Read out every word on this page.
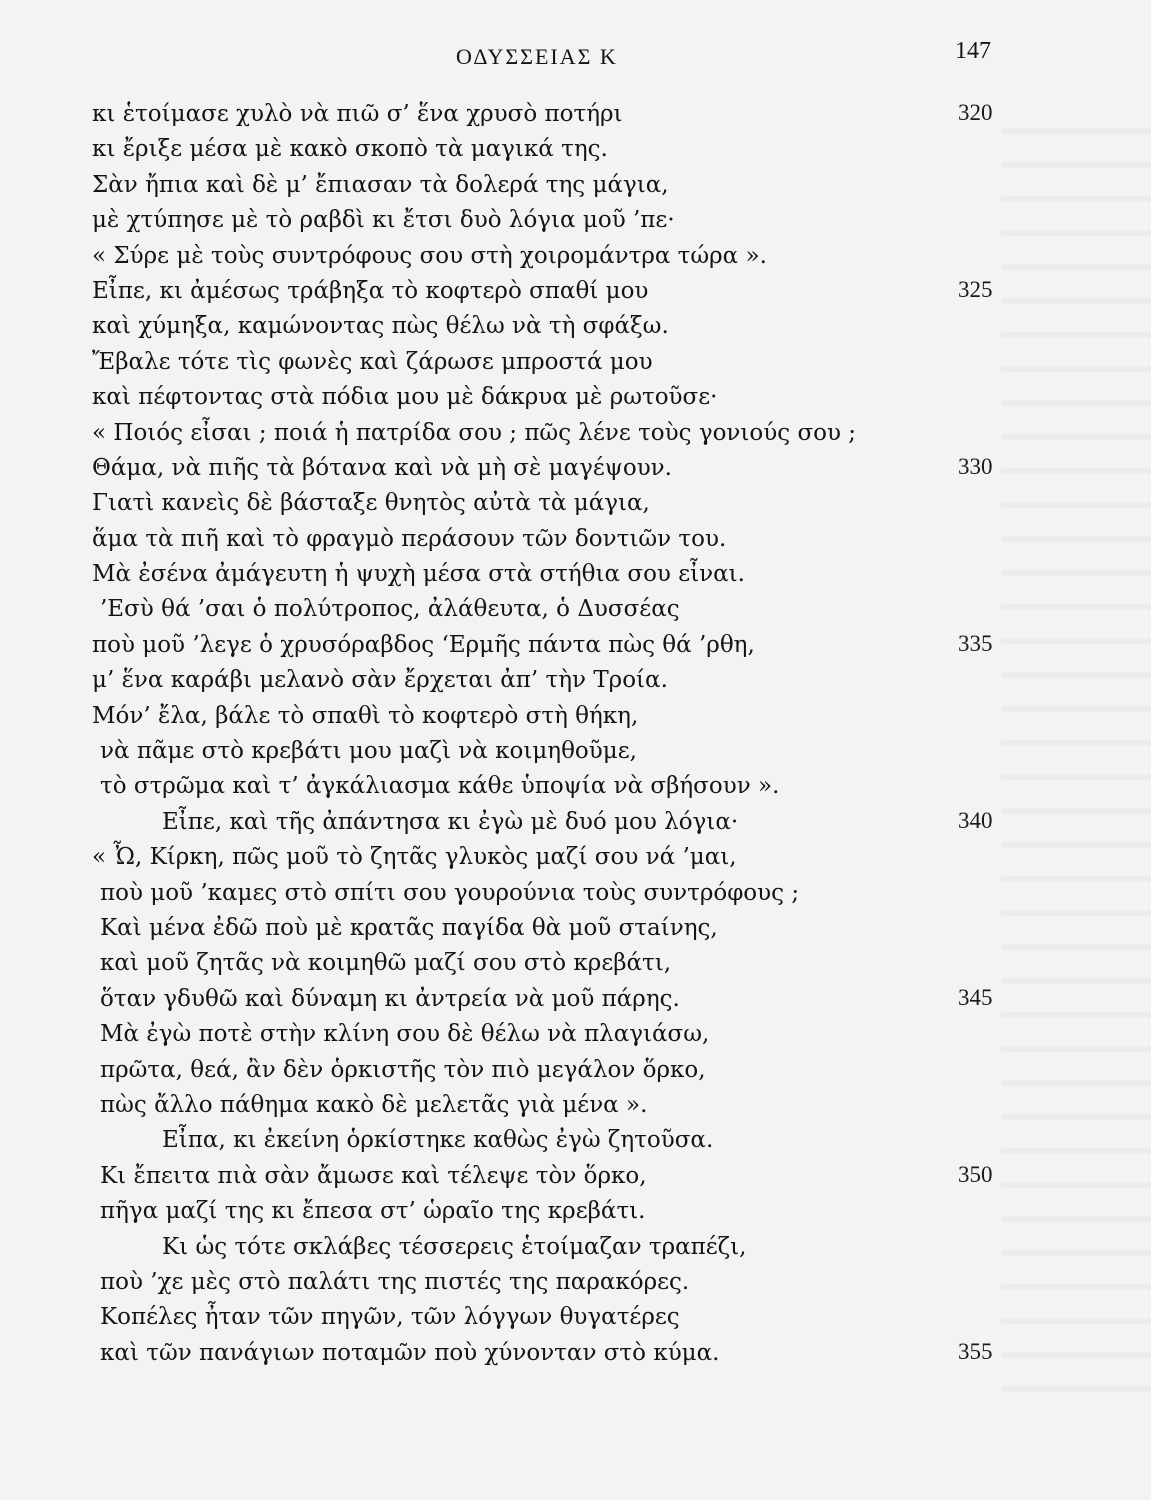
ΟΔΥΣΣΕΙΑΣ Κ	147
κι ἑτοίμασε χυλὸ νὰ πιῶ σ’ ἕνα χρυσὸ ποτήρι	320
κι ἔριξε μέσα μὲ κακὸ σκοπὸ τὰ μαγικά της.
Σὰν ἤπια καὶ δὲ μ’ ἔπιασαν τὰ δολερά της μάγια,
μὲ χτύπησε μὲ τὸ ραβδὶ κι ἔτσι δυὸ λόγια μοῦ ’πε·
« Σύρε μὲ τοὺς συντρόφους σου στὴ χοιρομάντρα τώρα ».
Εἶπε, κι ἀμέσως τράβηξα τὸ κοφτερὸ σπαθί μου	325
καὶ χύμηξα, καμώνοντας πὼς θέλω νὰ τὴ σφάξω.
Ἔβαλε τότε τὶς φωνὲς καὶ ζάρωσε μπροστά μου
καὶ πέφτοντας στὰ πόδια μου μὲ δάκρυα μὲ ρωτοῦσε·
« Ποιός εἶσαι ; ποιά ἡ πατρίδα σου ; πῶς λένε τοὺς γονιούς σου ;
Θάμα, νὰ πιῆς τὰ βότανα καὶ νὰ μὴ σὲ μαγέψουν.	330
Γιατὶ κανεὶς δὲ βάσταξε θνητὸς αὐτὰ τὰ μάγια,
ἅμα τὰ πιῆ καὶ τὸ φραγμὸ περάσουν τῶν δοντιῶν του.
Μὰ ἐσένα ἀμάγευτη ἡ ψυχὴ μέσα στὰ στήθια σου εἶναι.
’Εσὺ θά ’σαι ὁ πολύτροπος, ἀλάθευτα, ὁ Δυσσέας
ποὺ μοῦ ’λεγε ὁ χρυσόραβδος ‘Ερμῆς πάντα πὼς θά ’ρθη,	335
μ’ ἕνα καράβι μελανὸ σὰν ἔρχεται ἀπ’ τὴν Τροία.
Μόν’ ἔλα, βάλε τὸ σπαθὶ τὸ κοφτερὸ στὴ θήκη,
νὰ πᾶμε στὸ κρεβάτι μου μαζὶ νὰ κοιμηθοῦμε,
τὸ στρῶμα καὶ τ’ ἀγκάλιασμα κάθε ὑποψία νὰ σβήσουν ».
Εἶπε, καὶ τῆς ἀπάντησα κι ἐγὼ μὲ δυό μου λόγια·	340
« Ὦ, Κίρκη, πῶς μοῦ τὸ ζητᾶς γλυκὸς μαζί σου νά ’μαι,
ποὺ μοῦ ’καμες στὸ σπίτι σου γουρούνια τοὺς συντρόφους ;
Καὶ μένα ἐδῶ ποὺ μὲ κρατᾶς παγίδα θὰ μοῦ στaίνης,
καὶ μοῦ ζητᾶς νὰ κοιμηθῶ μαζί σου στὸ κρεβάτι,
ὅταν γδυθῶ καὶ δύναμη κι ἀντρεία νὰ μοῦ πάρης.	345
Μὰ ἐγὼ ποτὲ στὴν κλίνη σου δὲ θέλω νὰ πλαγιάσω,
πρῶτα, θεά, ἂν δὲν ὁρκιστῆς τὸν πιὸ μεγάλον ὅρκο,
πὼς ἄλλο πάθημα κακὸ δὲ μελετᾶς γιὰ μένα ».
Εἶπα, κι ἐκείνη ὁρκίστηκε καθὼς ἐγὼ ζητοῦσα.
Κι ἔπειτα πιὰ σὰν ἄμωσε καὶ τέλεψε τὸν ὅρκο,	350
πῆγα μαζί της κι ἔπεσα στ’ ὡραῖο της κρεβάτι.
Κι ὡς τότε σκλάβες τέσσερεις ἑτοίμαζαν τραπέζι,
ποὺ ’χε μὲς στὸ παλάτι της πιστές της παρακόρες.
Κοπέλες ἦταν τῶν πηγῶν, τῶν λόγγων θυγατέρες
καὶ τῶν πανάγιων ποταμῶν ποὺ χύνονταν στὸ κύμα.	355
